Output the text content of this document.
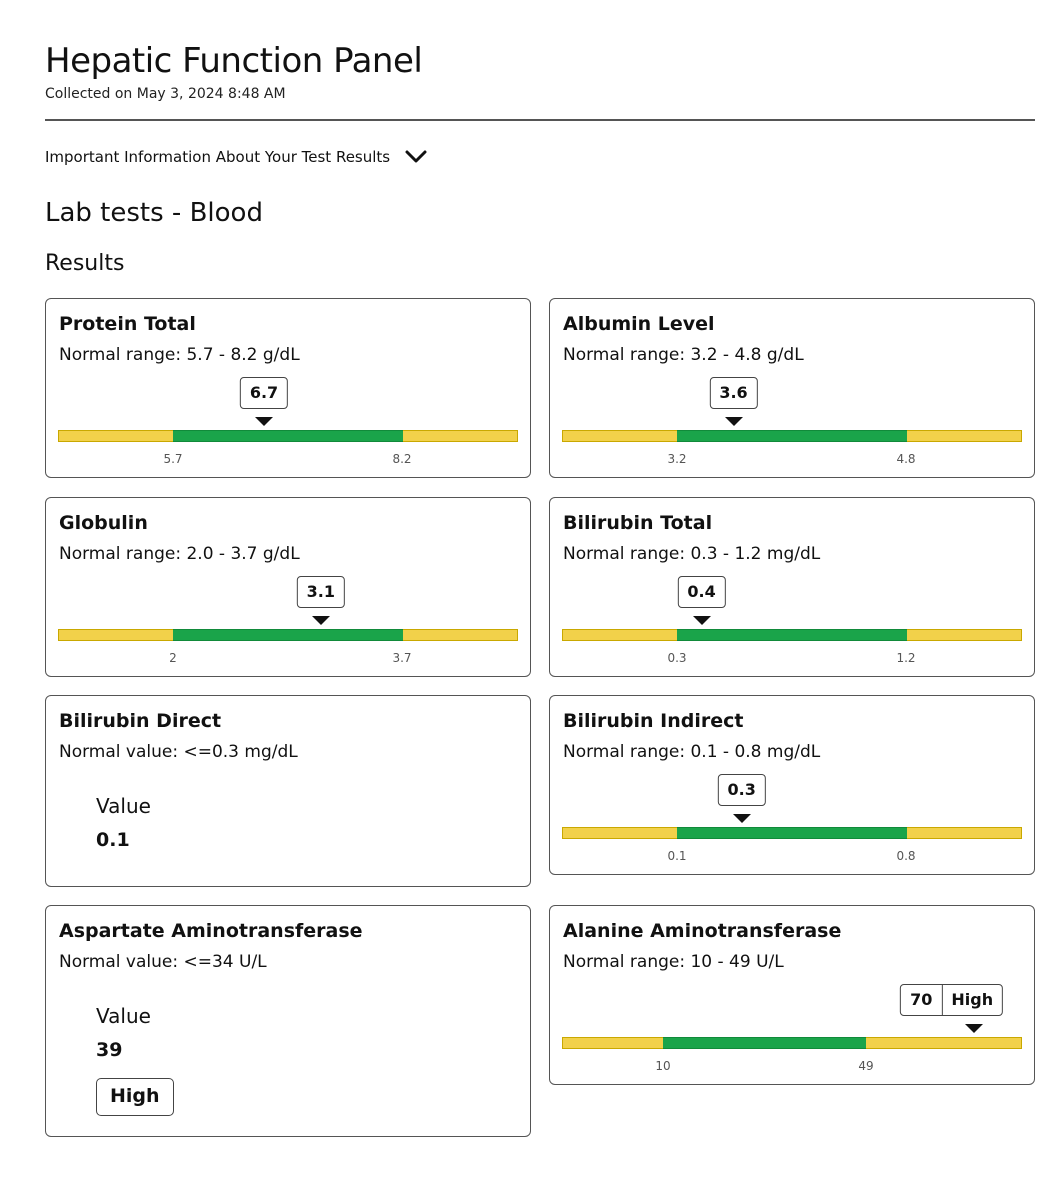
Hepatic Function Panel
Collected on May 3, 2024 8:48 AM
Important Information About Your Test Results
Lab tests - Blood
Results
Protein Total
Normal range: 5.7 - 8.2 g/dL
6.7
5.7	8.2
Albumin Level
Normal range: 3.2 - 4.8 g/dL
3.6
3.2	4.8
Globulin
Normal range: 2.0 - 3.7 g/dL
3.1
2	3.7
Bilirubin Total
Normal range: 0.3 - 1.2 mg/dL
0.4
0.3	1.2
Bilirubin Direct
Normal value: <=0.3 mg/dL
Value
0.1
Bilirubin Indirect
Normal range: 0.1 - 0.8 mg/dL
0.3
0.1	0.8
Aspartate Aminotransferase
Normal value: <=34 U/L
Value
39
High
Alanine Aminotransferase
Normal range: 10 - 49 U/L
70	High
10	49
